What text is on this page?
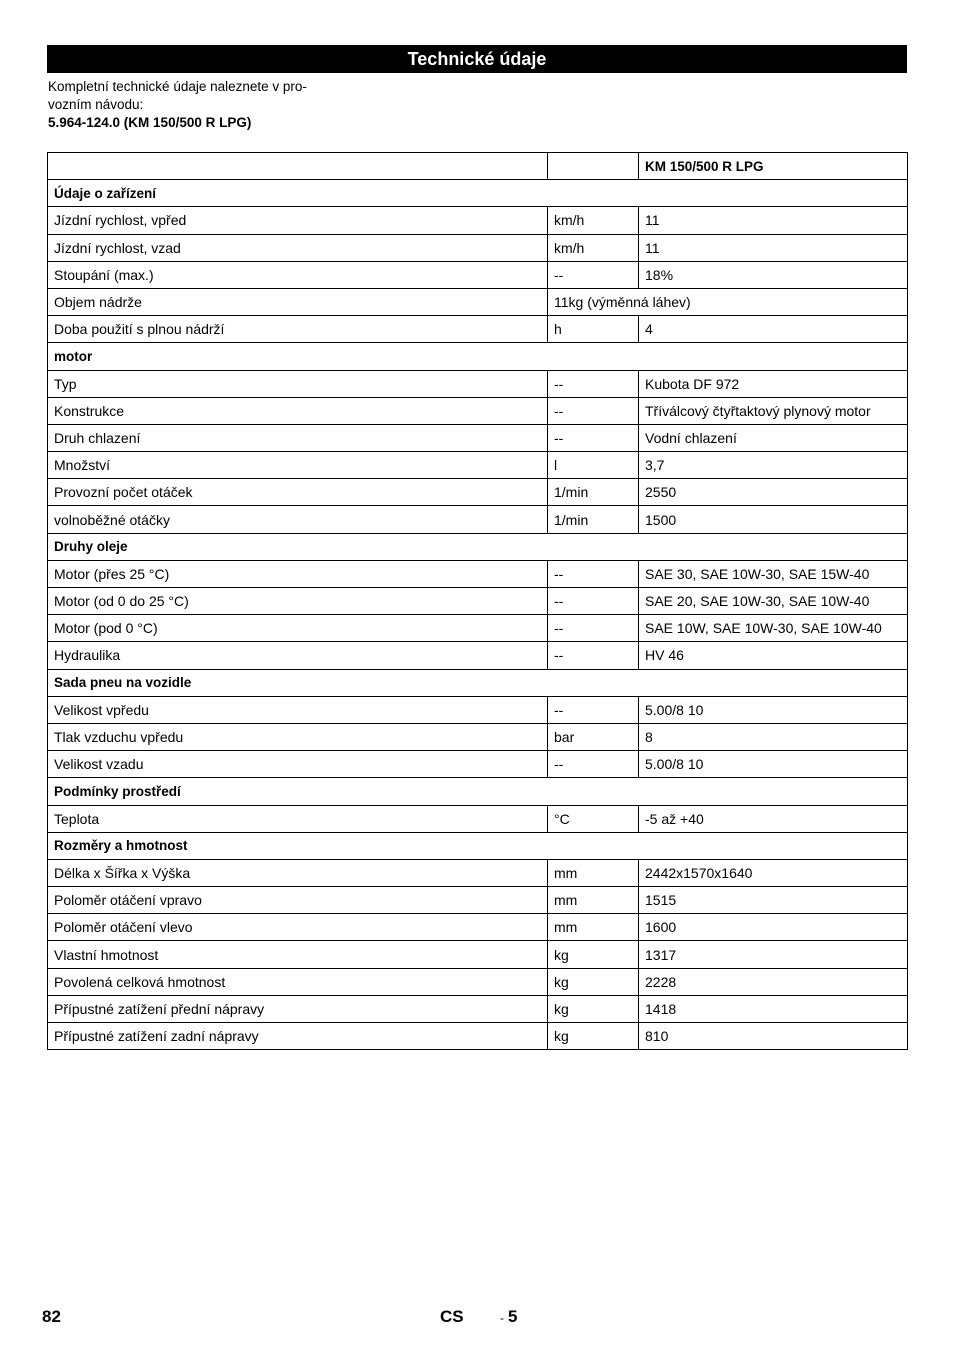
Technické údaje
Kompletní technické údaje naleznete v pro-
vozním návodu:
5.964-124.0 (KM 150/500 R LPG)
		KM 150/500 R LPG
Údaje o zařízení		
Jízdní rychlost, vpřed	km/h	11
Jízdní rychlost, vzad	km/h	11
Stoupání (max.)	--	18%
Objem nádrže	11kg (výměnná láhev)	
Doba použití s plnou nádrží	h	4
motor		
Typ	--	Kubota DF 972
Konstrukce	--	Tříválcový čtyřtaktový plynový motor
Druh chlazení	--	Vodní chlazení
Množství	l	3,7
Provozní počet otáček	1/min	2550
volnoběžné otáčky	1/min	1500
Druhy oleje		
Motor (přes 25 °C)	--	SAE 30, SAE 10W-30, SAE 15W-40
Motor (od 0 do 25 °C)	--	SAE 20, SAE 10W-30, SAE 10W-40
Motor (pod 0 °C)	--	SAE 10W, SAE 10W-30, SAE 10W-40
Hydraulika	--	HV 46
Sada pneu na vozidle		
Velikost vpředu	--	5.00/8 10
Tlak vzduchu vpředu	bar	8
Velikost vzadu	--	5.00/8 10
Podmínky prostředí		
Teplota	°C	-5 až +40
Rozměry a hmotnost		
Délka x Šířka x Výška	mm	2442x1570x1640
Poloměr otáčení vpravo	mm	1515
Poloměr otáčení vlevo	mm	1600
Vlastní hmotnost	kg	1317
Povolená celková hmotnost	kg	2228
Přípustné zatížení přední nápravy	kg	1418
Přípustné zatížení zadní nápravy	kg	810
82	CS	- 5
